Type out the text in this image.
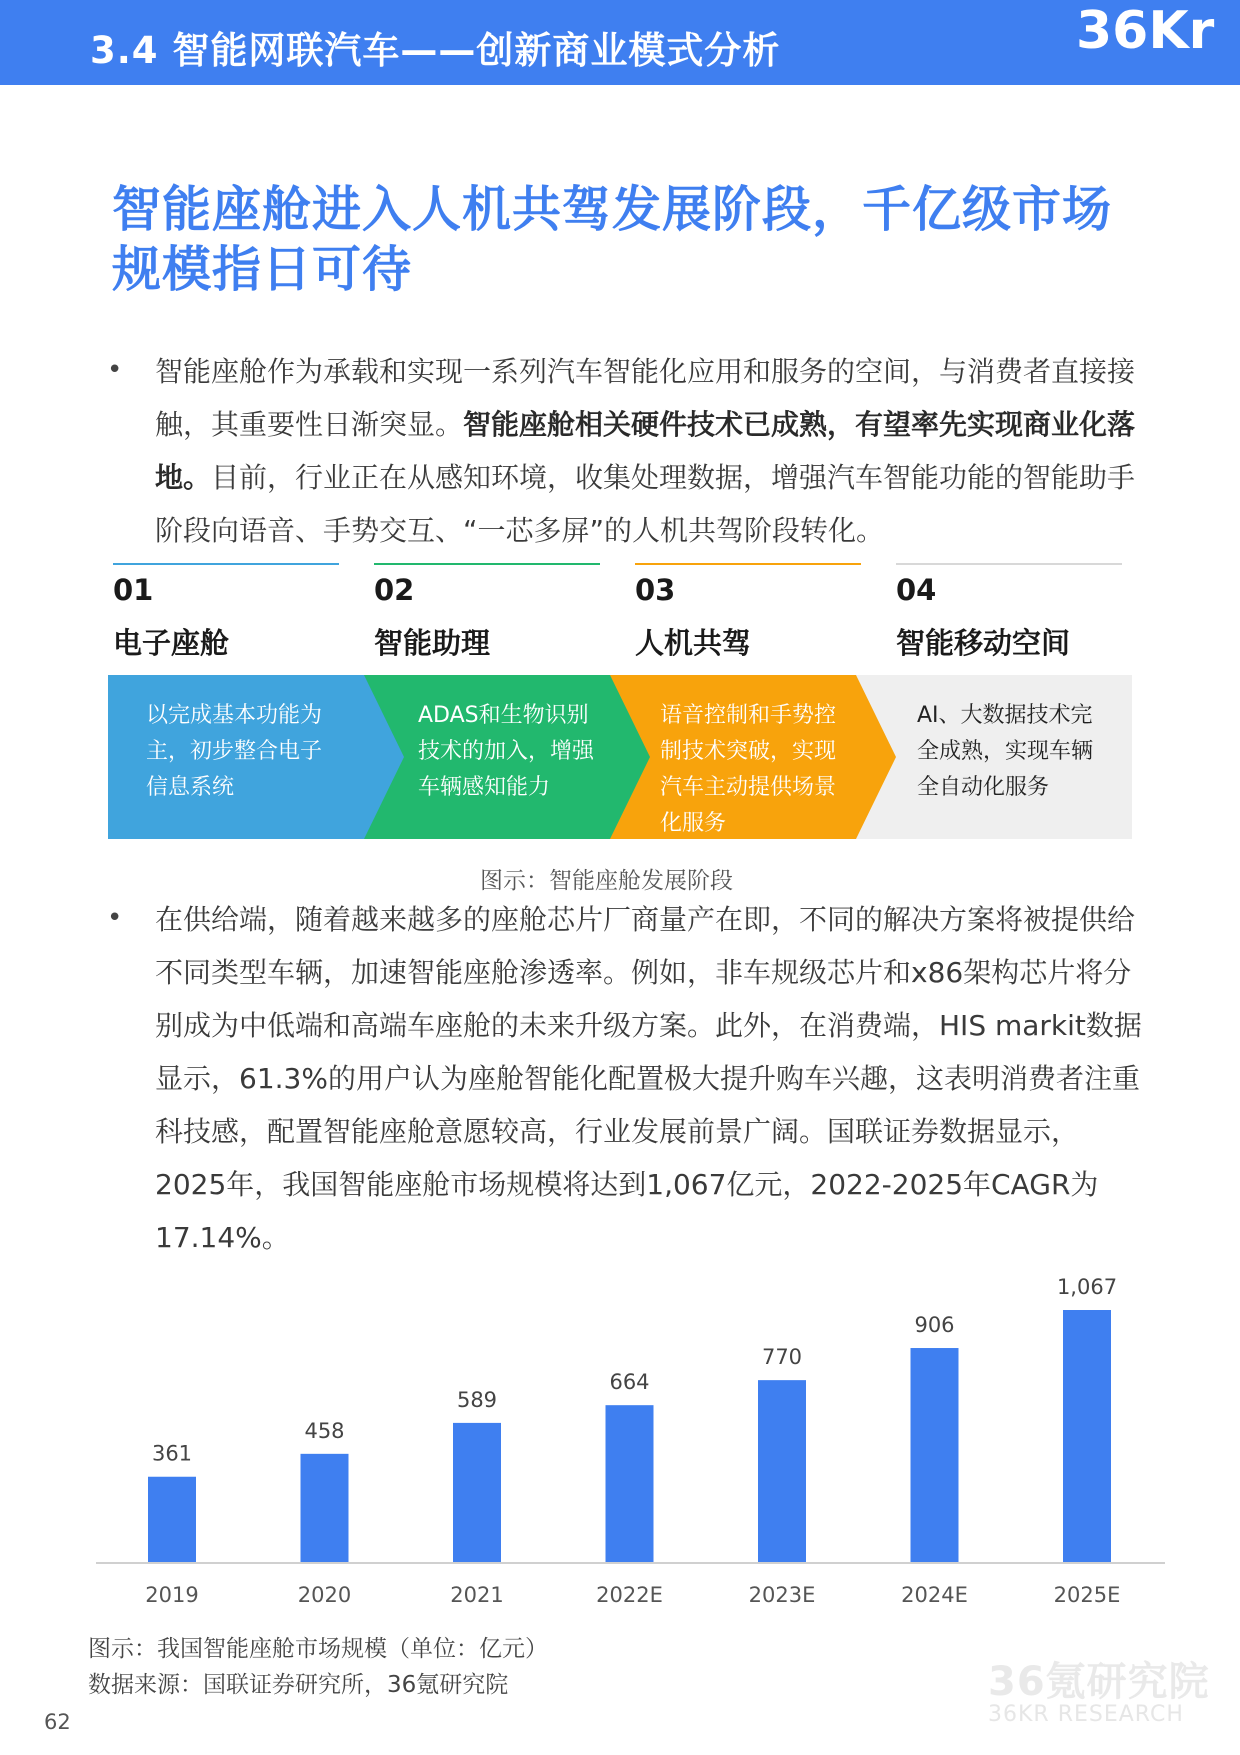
3.4 智能网联汽车——创新商业模式分析	36Kr
智能座舱进入人机共驾发展阶段，千亿级市场规模指日可待
• 智能座舱作为承载和实现一系列汽车智能化应用和服务的空间，与消费者直接接触，其重要性日渐突显。智能座舱相关硬件技术已成熟，有望率先实现商业化落地。目前，行业正在从感知环境，收集处理数据，增强汽车智能功能的智能助手阶段向语音、手势交互、“一芯多屏”的人机共驾阶段转化。

01
电子座舱
02
智能助理
03
人机共驾
04
智能移动空间
以完成基本功能为主，初步整合电子信息系统
ADAS和生物识别技术的加入，增强车辆感知能力
语音控制和手势控制技术突破，实现汽车主动提供场景化服务
AI、大数据技术完全成熟，实现车辆全自动化服务
图示：智能座舱发展阶段
• 在供给端，随着越来越多的座舱芯片厂商量产在即，不同的解决方案将被提供给不同类型车辆，加速智能座舱渗透率。例如，非车规级芯片和x86架构芯片将分别成为中低端和高端车座舱的未来升级方案。此外，在消费端，HIS markit数据显示，61.3%的用户认为座舱智能化配置极大提升购车兴趣，这表明消费者注重科技感，配置智能座舱意愿较高，行业发展前景广阔。国联证券数据显示，2025年，我国智能座舱市场规模将达到1,067亿元，2022-2025年CAGR为17.14%。

361
2019
458
2020
589
2021
664
2022E
770
2023E
906
2024E
1,067
2025E
图示：我国智能座舱市场规模（单位：亿元）
数据来源：国联证券研究所，36氪研究院
62
36氪研究院
36KR RESEARCH
